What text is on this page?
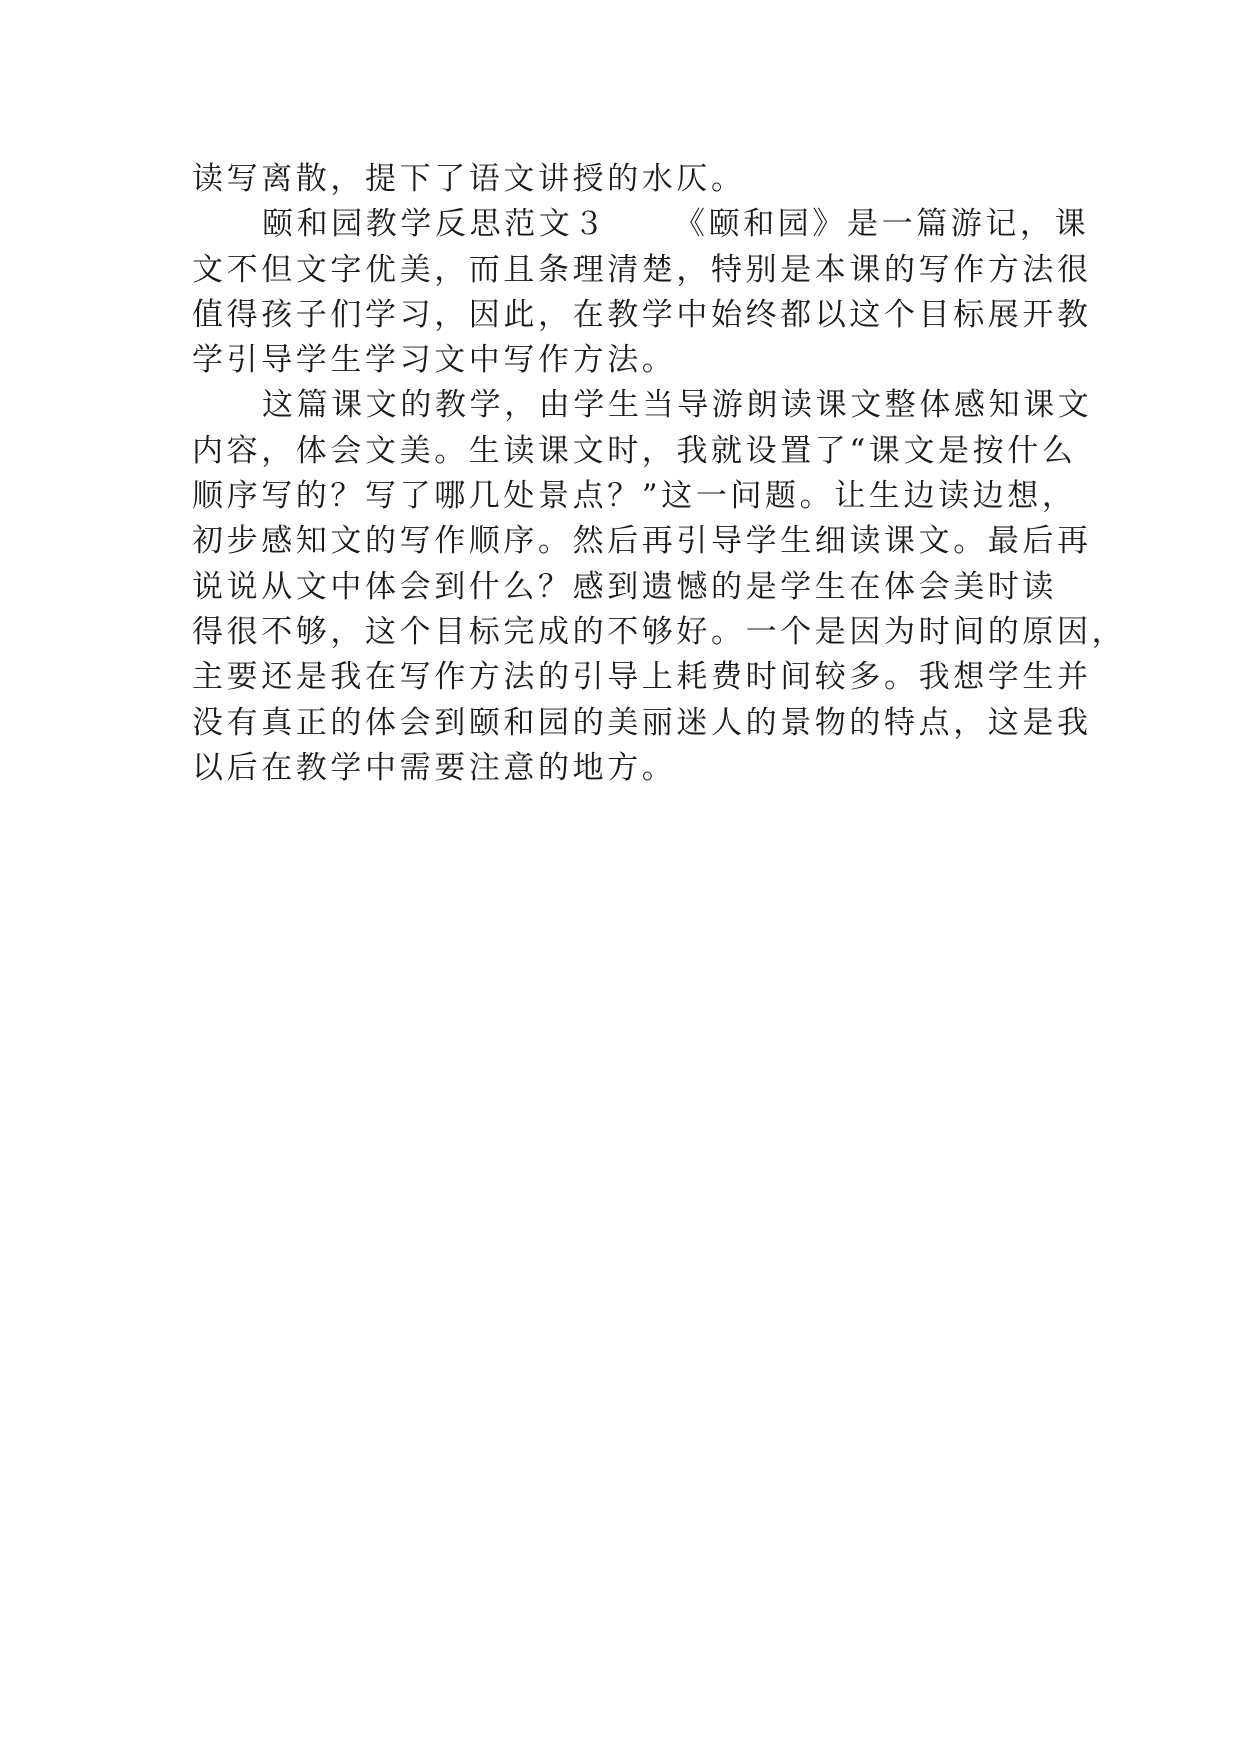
读写离散，提下了语文讲授的水仄。
颐和园教学反思范文３ 《颐和园》是一篇游记，课
文不但文字优美，而且条理清楚，特别是本课的写作方法很
值得孩子们学习，因此，在教学中始终都以这个目标展开教
学引导学生学习文中写作方法。
这篇课文的教学，由学生当导游朗读课文整体感知课文
内容，体会文美。生读课文时，我就设置了“课文是按什么
顺序写的？写了哪几处景点？”这一问题。让生边读边想，
初步感知文的写作顺序。然后再引导学生细读课文。最后再
说说从文中体会到什么？感到遗憾的是学生在体会美时读
得很不够，这个目标完成的不够好。一个是因为时间的原因，
主要还是我在写作方法的引导上耗费时间较多。我想学生并
没有真正的体会到颐和园的美丽迷人的景物的特点，这是我
以后在教学中需要注意的地方。
